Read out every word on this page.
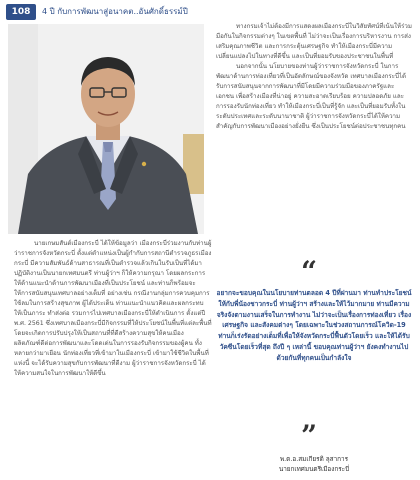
108	4 ปี กับการพัฒนาสู่อนาคต..อันศักดิ์ธรรม์ปี

นายเกษมสันต์เมืองกระบี่ ได้ให้ข้อมูลว่า เมืองกระบี่ร่วมงานกับท่านผู้ว่าราชการจังหวัดกระบี่ ตั้งแต่ตำแหน่งเป็นผู้กำกับการสถานีตำรวจภูธรเมืองกระบี่ มีความสัมพันธ์ด้านสาธารณที่เป็นตำรวจแล้วเกินในรับเป็นที่ได้มาปฏิบัติงานเป็นนายกเทศมนตรี ท่านผู้ว่าฯ ก็ให้ความกรุณา โดยผลกระการให้ด้านแนะนำด้านการพัฒนาเมืองที่เป็นประโยชน์ และท่านก็พร้อมจะให้การสนับสนุนเทศบาลอย่างเต็มที่ อย่างเช่น กรณีงานกลุ่มการควบคุมการใช้ลมในการสร้างสุขภาพ ผู้ได้ประเด็น ท่านแนะนำแนวคิดและผลกระทบ ให้เป็นภาระ ทำส่งต่อ รวมการไปเทศบาลเมืองกระบี่ให้ดำเนินการ ตั้งแต่ปี พ.ศ. 2561 ซึ่งเทศบาลเมืองกระบี่มีกิจกรรมที่ให้ประโยชน์ในพื้นที่แต่ละพื้นที่ โดยจะเกิดการปรับปรุงให้เป็นสถานที่ที่ดีสร้างความสุขให้คนเมือง ผลิตภัณฑ์ดีต่อการพัฒนาและโดดเด่นในการรองรับกิจกรรมของผู้คน ทั้งหลายกว่ามาเยือน นักท่องเที่ยวที่เข้ามาในเมืองกระบี่ เข้ามาใช้ชีวิตในพื้นที่แห่งนี้ จะได้รับความสุขกับการพัฒนาที่ดีงาม ผู้ว่าราชการจังหวัดกระบี่ ได้ให้ความสนใจในการพัฒนาให้ดีขึ้น

ทางกรมเจ้าไม่ต้องมีการแสดงผลเมืองกระบี่ในวิสัยทัศน์ที่เน้นให้ร่วมมือกันในกิจกรรมต่างๆ ในเขตพื้นที่ ไม่ว่าจะเป็นเรื่องการบริหารงาน การส่งเสริมคุณภาพชีวิต และการกระตุ้นเศรษฐกิจ ทำให้เมืองกระบี่มีความเปลี่ยนแปลงไปในทางที่ดีขึ้น และเป็นที่ยอมรับของประชาชนในพื้นที่

นอกจากนั้น นโยบายของท่านผู้ว่าราชการจังหวัดกระบี่ ในการพัฒนาด้านการท่องเที่ยวที่เป็นอัตลักษณ์ของจังหวัด เทศบาลเมืองกระบี่ได้รับการสนับสนุนจากการพัฒนาที่มีโดยมีความร่วมมือของภาครัฐและเอกชน เพื่อสร้างเมืองที่น่าอยู่ ความสะอาดเรียบร้อย ความปลอดภัย และการรองรับนักท่องเที่ยว ทำให้เมืองกระบี่เป็นที่รู้จัก และเป็นที่ยอมรับทั้งในระดับประเทศและระดับนานาชาติ ผู้ว่าราชการจังหวัดกระบี่ได้ให้ความสำคัญกับการพัฒนาเมืองอย่างยั่งยืน ซึ่งเป็นประโยชน์ต่อประชาชนทุกคน

“
อยากจะขอบคุณในนโยบายท่านตลอด 4 ปีที่ผ่านมา ท่านทำประโยชน์ให้กับพี่น้องชาวกระบี่ ท่านผู้ว่าฯ สร้างและให้ไว้มากมาย ท่านมีความจริงจังตามงานเสร็จในการทำงาน ไม่ว่าจะเป็นเรื่องการท่องเที่ยว เรื่องเศรษฐกิจ และสังคมต่างๆ โดยเฉพาะในช่วงสถานการณ์โควิด-19 ท่านก็เร่งรัดอย่างเต็มที่เพื่อให้จังหวัดกระบี่ฟื้นตัวโดยเร็ว และให้ได้รับวัคซีนโดยเร็วที่สุด ถึงปี ๆ เหล่านี้ ขอบคุณท่านผู้ว่าฯ ยังคงทำงานไปด้วยกันที่ทุกคนเป็นกำลังใจ
”
พ.ต.อ.สมเกียรติ ลุสาการ
นายกเทศมนตรีเมืองกระบี่
